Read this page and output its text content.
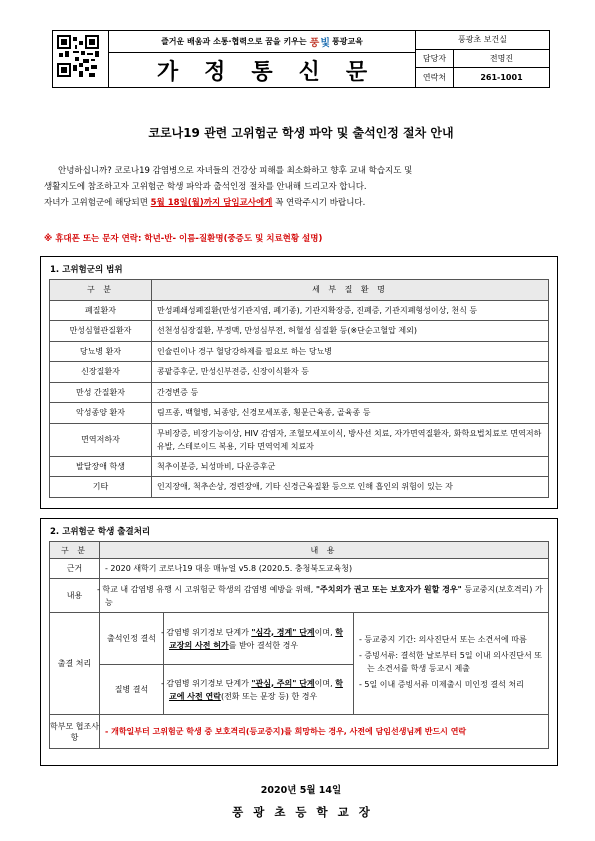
즐거운 배움과 소통·협력으로 꿈을 키우는 풍 빛 풍광교육
가정통신문
풍광초 보건실
담당자	전명진
연락처	261-1001
코로나19 관련 고위험군 학생 파악 및 출석인정 절차 안내

안녕하십니까? 코로나19 감염병으로 자녀들의 건강상 피해를 최소화하고 향후 교내 학습지도 및

생활지도에 참조하고자 고위험군 학생 파악과 출석인정 절차를 안내해 드리고자 합니다.

자녀가 고위험군에 해당되면 5월 18일(월)까지 담임교사에게 꼭 연락주시기 바랍니다.

※ 휴대폰 또는 문자 연락: 학년-반- 이름-질환명(중증도 및 치료현황 설명)
1. 고위험군의 범위
구 분	세 부 질 환 명
폐질환자	만성폐쇄성폐질환(만성기관지염, 폐기종), 기관지확장증, 진폐증, 기관지폐형성이상, 천식 등
만성심혈관질환자	선천성심장질환, 부정맥, 만성심부전, 허혈성 심질환 등(※단순고혈압 제외)
당뇨병 환자	인슐린이나 경구 혈당강하제를 필요로 하는 당뇨병
신장질환자	콩팥증후군, 만성신부전증, 신장이식환자 등
만성 간질환자	간경변증 등
악성종양 환자	림프종, 백혈병, 뇌종양, 신경모세포종, 횡문근육종, 골육종 등
면역저하자	무비장증, 비장기능이상, HIV 감염자, 조혈모세포이식, 방사선 치료, 자가면역질환자, 화학요법치료로 면역저하유발, 스테로이드 복용, 기타 면역억제 치료자
발달장애 학생	척추이분증, 뇌성마비, 다운증후군
기타	인지장애, 척추손상, 경련장애, 기타 신경근육질환 등으로 인해 흡인의 위험이 있는 자
2. 고위험군 학생 출결처리
구 분	내 용		
근거	- 2020 새학기 코로나19 대응 매뉴얼 v5.8 (2020.5. 충청북도교육청)		
내용	- 학교 내 감염병 유행 시 고위험군 학생의 감염병 예방을 위해, "주치의가 권고 또는 보호자가 원할 경우" 등교중지(보호격리) 가능		
출결 처리	출석인정 결석	- 감염병 위기경보 단계가 "심각, 경계" 단계이며, 학교장의 사전 허가를 받아 결석한 경우	- 등교중지 기간: 의사진단서 또는 소견서에 따름
- 증빙서류: 결석한 날로부터 5일 이내 의사진단서 또는 소견서를 학생 등교시 제출
- 5일 이내 증빙서류 미제출시 미인정 결석 처리

	질병 결석	- 감염병 위기경보 단계가 "관심, 주의" 단계이며, 학교에 사전 연락(전화 또는 문장 등) 한 경우	
학부모 협조사항	- 개학일부터 고위험군 학생 중 보호격리(등교중지)를 희망하는 경우, 사전에 담임선생님께 반드시 연락		
2020년 5월 14일
풍광초등학교장
